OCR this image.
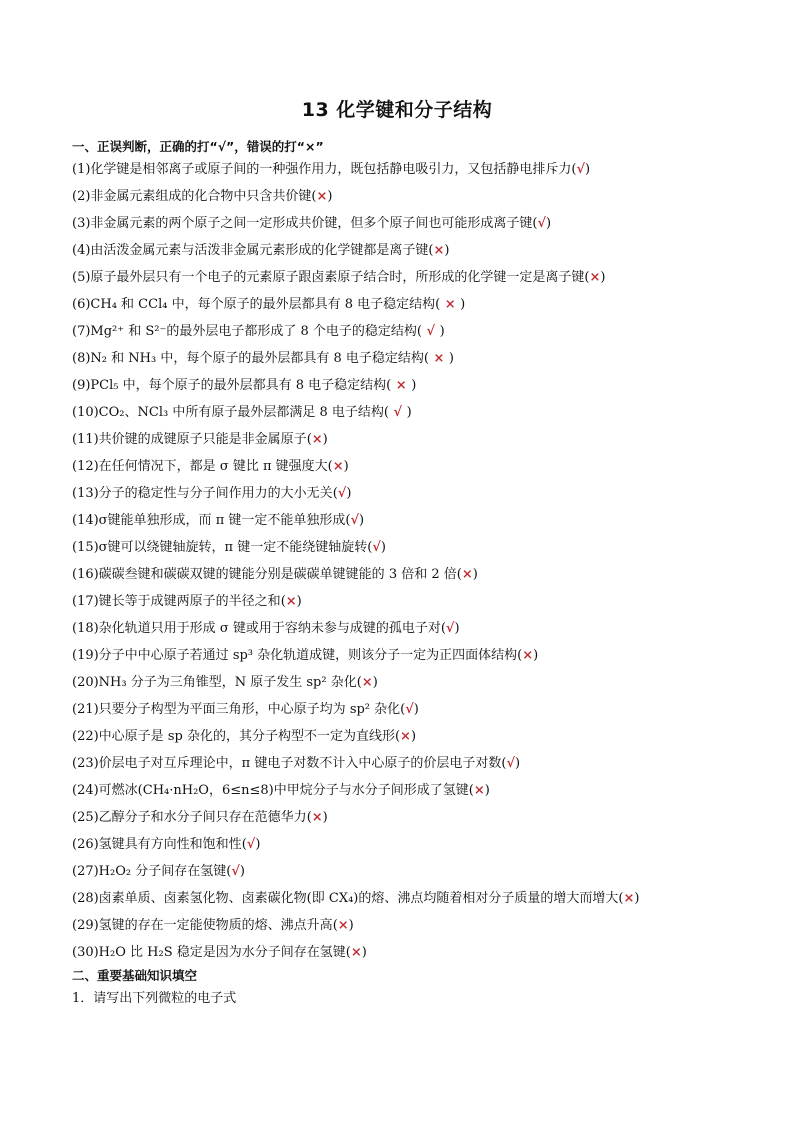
13 化学键和分子结构
一、正误判断，正确的打“√”，错误的打“×”
(1)化学键是相邻离子或原子间的一种强作用力，既包括静电吸引力，又包括静电排斥力(√)
(2)非金属元素组成的化合物中只含共价键(×)
(3)非金属元素的两个原子之间一定形成共价键，但多个原子间也可能形成离子键(√)
(4)由活泼金属元素与活泼非金属元素形成的化学键都是离子键(×)
(5)原子最外层只有一个电子的元素原子跟卤素原子结合时，所形成的化学键一定是离子键(×)
(6)CH₄ 和 CCl₄ 中，每个原子的最外层都具有 8 电子稳定结构( × )
(7)Mg²⁺ 和 S²⁻的最外层电子都形成了 8 个电子的稳定结构( √ )
(8)N₂ 和 NH₃ 中，每个原子的最外层都具有 8 电子稳定结构( × )
(9)PCl₅ 中，每个原子的最外层都具有 8 电子稳定结构( × )
(10)CO₂、NCl₃ 中所有原子最外层都满足 8 电子结构( √ )
(11)共价键的成键原子只能是非金属原子(×)
(12)在任何情况下，都是 σ 键比 π 键强度大(×)
(13)分子的稳定性与分子间作用力的大小无关(√)
(14)σ键能单独形成，而 π 键一定不能单独形成(√)
(15)σ键可以绕键轴旋转，π 键一定不能绕键轴旋转(√)
(16)碳碳叁键和碳碳双键的键能分别是碳碳单键键能的 3 倍和 2 倍(×)
(17)键长等于成键两原子的半径之和(×)
(18)杂化轨道只用于形成 σ 键或用于容纳未参与成键的孤电子对(√)
(19)分子中中心原子若通过 sp³ 杂化轨道成键，则该分子一定为正四面体结构(×)
(20)NH₃ 分子为三角锥型，N 原子发生 sp² 杂化(×)
(21)只要分子构型为平面三角形，中心原子均为 sp² 杂化(√)
(22)中心原子是 sp 杂化的，其分子构型不一定为直线形(×)
(23)价层电子对互斥理论中，π 键电子对数不计入中心原子的价层电子对数(√)
(24)可燃冰(CH₄·nH₂O，6≤n≤8)中甲烷分子与水分子间形成了氢键(×)
(25)乙醇分子和水分子间只存在范德华力(×)
(26)氢键具有方向性和饱和性(√)
(27)H₂O₂ 分子间存在氢键(√)
(28)卤素单质、卤素氢化物、卤素碳化物(即 CX₄)的熔、沸点均随着相对分子质量的增大而增大(×)
(29)氢键的存在一定能使物质的熔、沸点升高(×)
(30)H₂O 比 H₂S 稳定是因为水分子间存在氢键(×)
二、重要基础知识填空
1．请写出下列微粒的电子式
